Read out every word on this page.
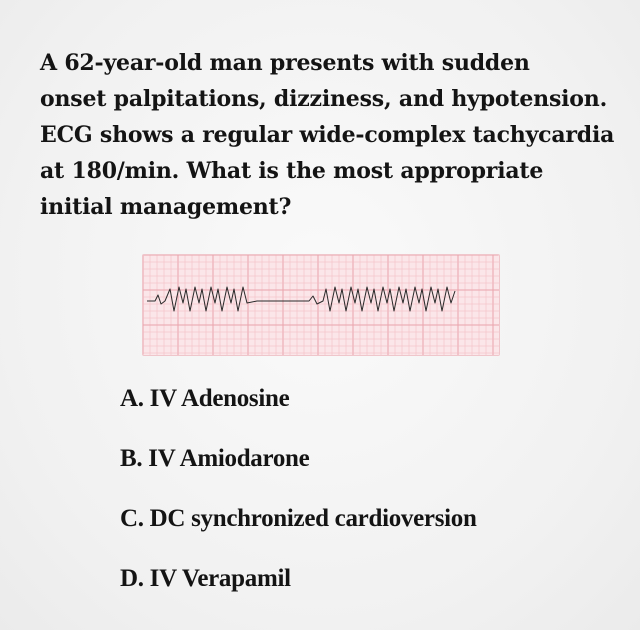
A 62-year-old man presents with sudden
onset palpitations, dizziness, and hypotension.
ECG shows a regular wide-complex tachycardia
at 180/min. What is the most appropriate
initial management?
A. IV Adenosine
B. IV Amiodarone
C. DC synchronized cardioversion
D. IV Verapamil
